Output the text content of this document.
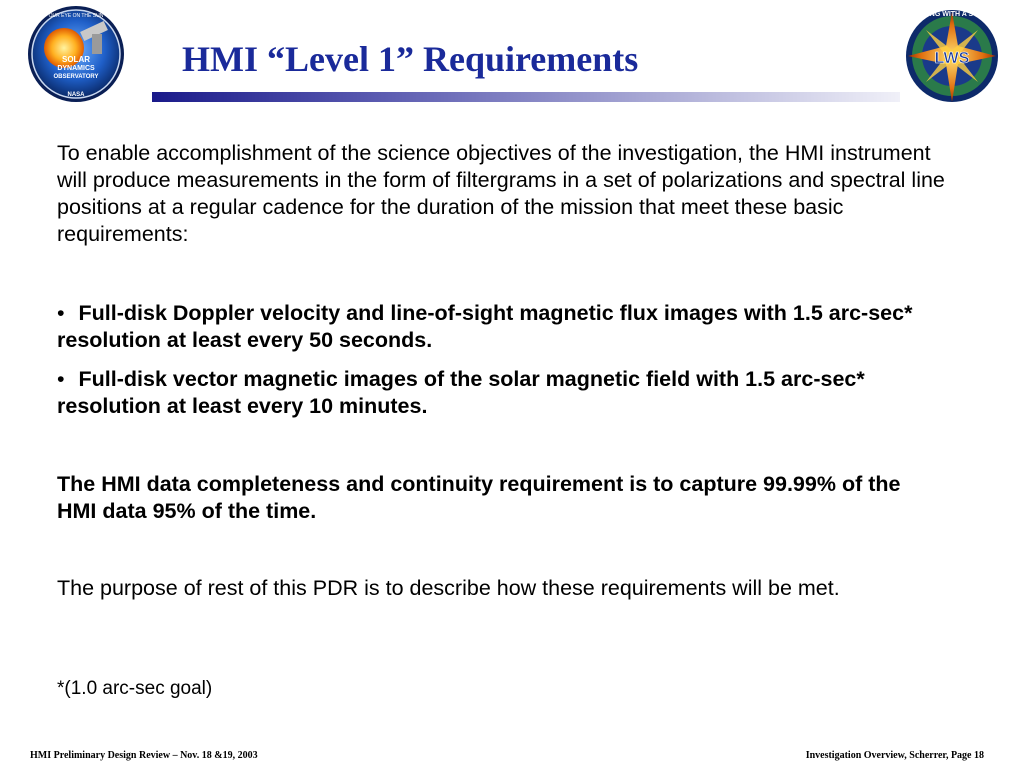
SOLAR
DYNAMICS
OBSERVATORY
NASA
OUR EYE ON THE SUN
HMI “Level 1” Requirements	LWS
LIVING WITH A STAR

To enable accomplishment of the science objectives of the investigation, the HMI instrument will produce measurements in the form of filtergrams in a set of polarizations and spectral line positions at a regular cadence for the duration of the mission that meet these basic requirements:

• Full-disk Doppler velocity and line-of-sight magnetic flux images with 1.5 arc-sec* resolution at least every 50 seconds.

• Full-disk vector magnetic images of the solar magnetic field with 1.5 arc-sec* resolution at least every 10 minutes.

The HMI data completeness and continuity requirement is to capture 99.99% of the HMI data 95% of the time.

The purpose of rest of this PDR is to describe how these requirements will be met.

*(1.0 arc-sec goal)

HMI Preliminary Design Review – Nov. 18 &19, 2003	Investigation Overview, Scherrer, Page 18
